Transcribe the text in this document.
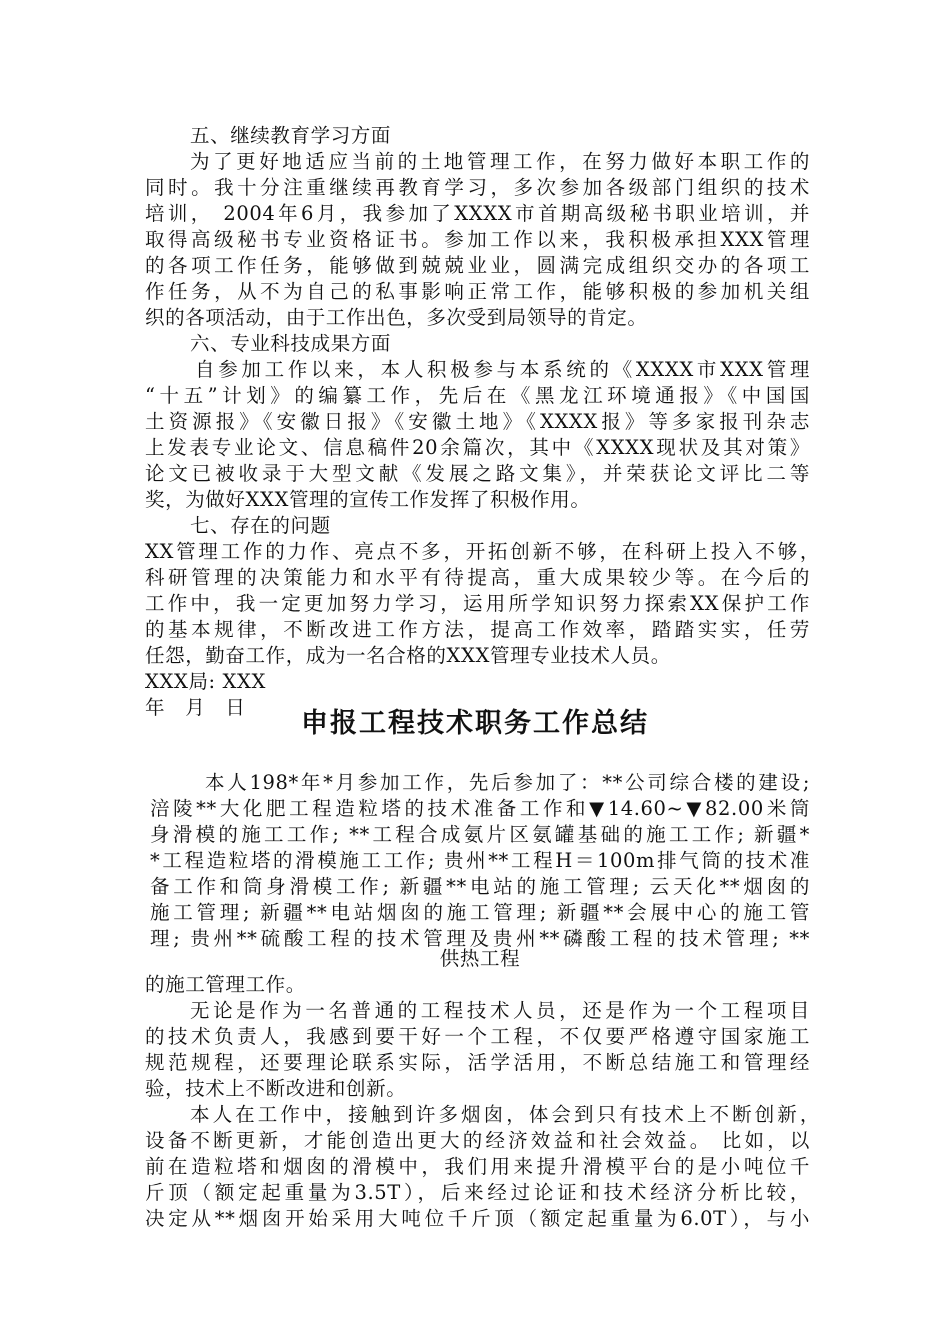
五、继续教育学习方面
为了更好地适应当前的土地管理工作，在努力做好本职工作的
同时。我十分注重继续再教育学习，多次参加各级部门组织的技术
培训， 2004年6月，我参加了XXXX市首期高级秘书职业培训，并
取得高级秘书专业资格证书。参加工作以来，我积极承担XXX管理
的各项工作任务，能够做到兢兢业业，圆满完成组织交办的各项工
作任务，从不为自己的私事影响正常工作，能够积极的参加机关组
织的各项活动，由于工作出色，多次受到局领导的肯定。
六、专业科技成果方面
自参加工作以来，本人积极参与本系统的《XXXX市XXX管理
“十五”计划》的编纂工作，先后在《黑龙江环境通报》《中国国
土资源报》《安徽日报》《安徽土地》《XXXX报》等多家报刊杂志
上发表专业论文、信息稿件20余篇次，其中《XXXX现状及其对策》
论文已被收录于大型文献《发展之路文集》，并荣获论文评比二等
奖，为做好XXX管理的宣传工作发挥了积极作用。
七、存在的问题
XX管理工作的力作、亮点不多，开拓创新不够，在科研上投入不够，
科研管理的决策能力和水平有待提高，重大成果较少等。在今后的
工作中，我一定更加努力学习，运用所学知识努力探索XX保护工作
的基本规律，不断改进工作方法，提高工作效率，踏踏实实，任劳
任怨，勤奋工作，成为一名合格的XXX管理专业技术人员。
XXX局: XXX
年　月　日
申报工程技术职务工作总结
本人198*年*月参加工作，先后参加了：**公司综合楼的建设;
涪陵**大化肥工程造粒塔的技术准备工作和▼14.60~▼82.00米筒
身滑模的施工工作; **工程合成氨片区氨罐基础的施工工作; 新疆*
*工程造粒塔的滑模施工工作; 贵州**工程H＝100m排气筒的技术准
备工作和筒身滑模工作; 新疆**电站的施工管理; 云天化**烟囱的
施工管理; 新疆**电站烟囱的施工管理; 新疆**会展中心的施工管
理; 贵州**硫酸工程的技术管理及贵州**磷酸工程的技术管理; **
供热工程
的施工管理工作。
无论是作为一名普通的工程技术人员，还是作为一个工程项目
的技术负责人，我感到要干好一个工程，不仅要严格遵守国家施工
规范规程，还要理论联系实际，活学活用，不断总结施工和管理经
验，技术上不断改进和创新。
本人在工作中，接触到许多烟囱，体会到只有技术上不断创新，
设备不断更新，才能创造出更大的经济效益和社会效益。 比如，以
前在造粒塔和烟囱的滑模中，我们用来提升滑模平台的是小吨位千
斤顶（额定起重量为3.5T），后来经过论证和技术经济分析比较，
决定从**烟囱开始采用大吨位千斤顶（额定起重量为6.0T），与小
